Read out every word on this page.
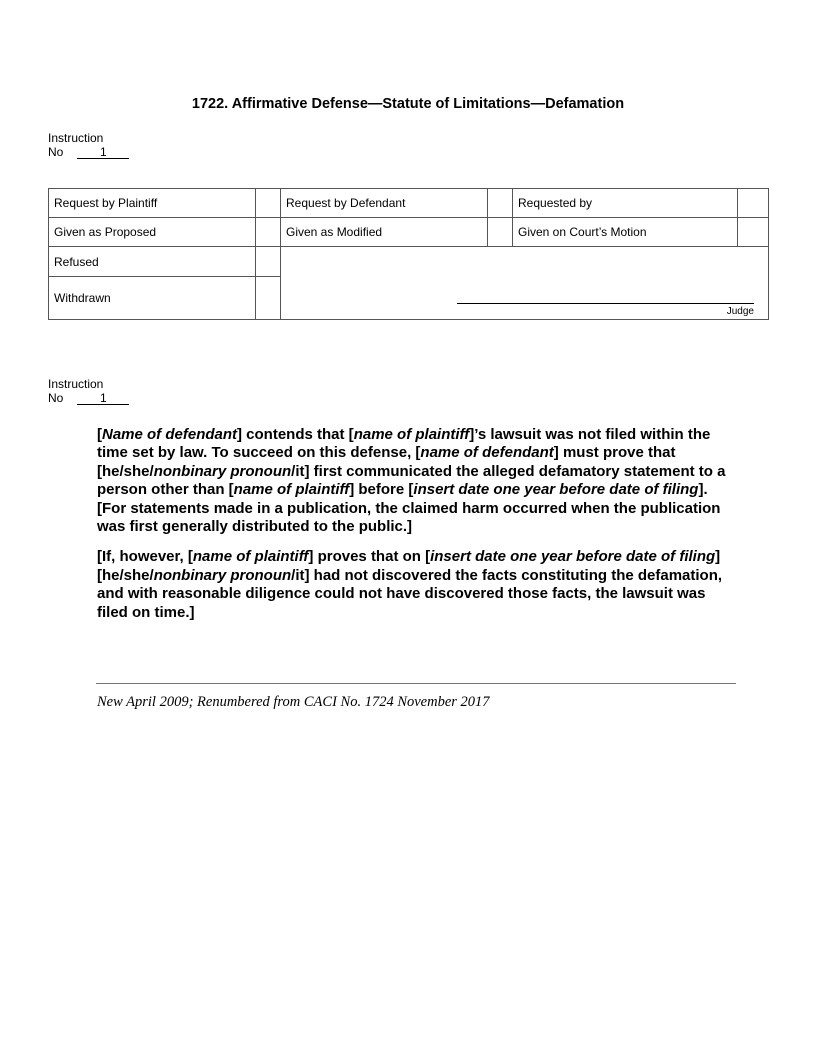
1722. Affirmative Defense—Statute of Limitations—Defamation
Instruction
No	1
Request by Plaintiff		Request by Defendant		Requested by	
Given as Proposed		Given as Modified		Given on Court’s Motion	
Refused		Judge			

Withdrawn					
Instruction
No	1

[Name of defendant] contends that [name of plaintiff]’s lawsuit was not filed within the time set by law. To succeed on this defense, [name of defendant] must prove that [he/she/nonbinary pronoun/it] first communicated the alleged defamatory statement to a person other than [name of plaintiff] before [insert date one year before date of filing]. [For statements made in a publication, the claimed harm occurred when the publication was first generally distributed to the public.]

[If, however, [name of plaintiff] proves that on [insert date one year before date of filing] [he/she/nonbinary pronoun/it] had not discovered the facts constituting the defamation, and with reasonable diligence could not have discovered those facts, the lawsuit was filed on time.]

New April 2009; Renumbered from CACI No. 1724 November 2017
